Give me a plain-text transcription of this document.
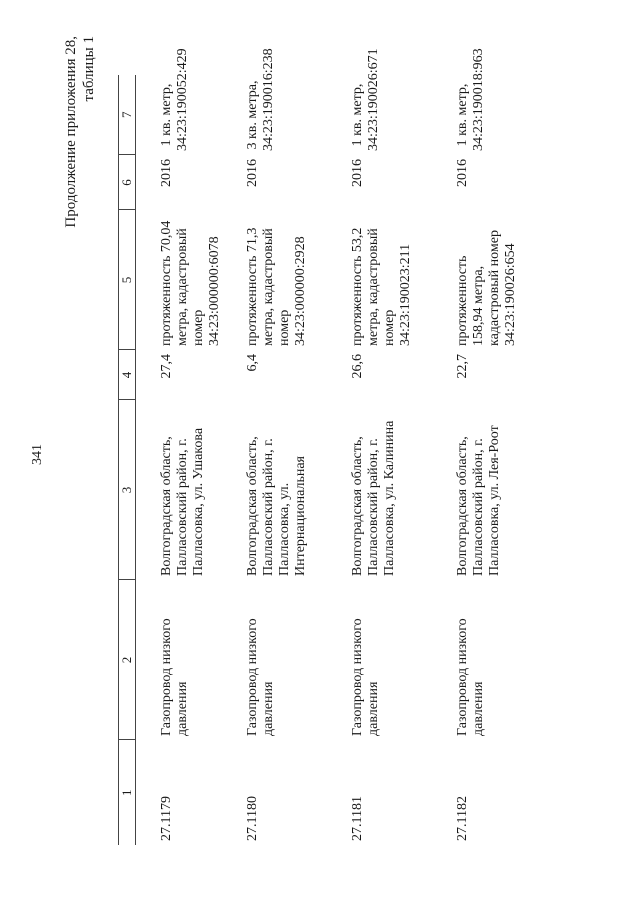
341
Продолжение приложения 28, таблицы 1
1	2	3	4	5	6	7
27.1179	Газопровод низкого давления	Волгоградская область, Палласовский район, г. Палласовка, ул. Ушакова	27,4	протяженность 70,04 метра, кадастровый номер 34:23:000000:6078	2016	1 кв. метр, 34:23:190052:429

27.1180	Газопровод низкого давления	Волгоградская область, Палласовский район, г. Палласовка, ул. Интернациональная	6,4	протяженность 71,3 метра, кадастровый номер 34:23:000000:2928	2016	3 кв. метра, 34:23:190016:238

27.1181	Газопровод низкого давления	Волгоградская область, Палласовский район, г. Палласовка, ул. Калинина	26,6	протяженность 53,2 метра, кадастровый номер 34:23:190023:211	2016	1 кв. метр, 34:23:190026:671

27.1182	Газопровод низкого давления	Волгоградская область, Палласовский район, г. Палласовка, ул. Лея-Роот	22,7	протяженность 158,94 метра, кадастровый номер 34:23:190026:654	2016	1 кв. метр, 34:23:190018:963
